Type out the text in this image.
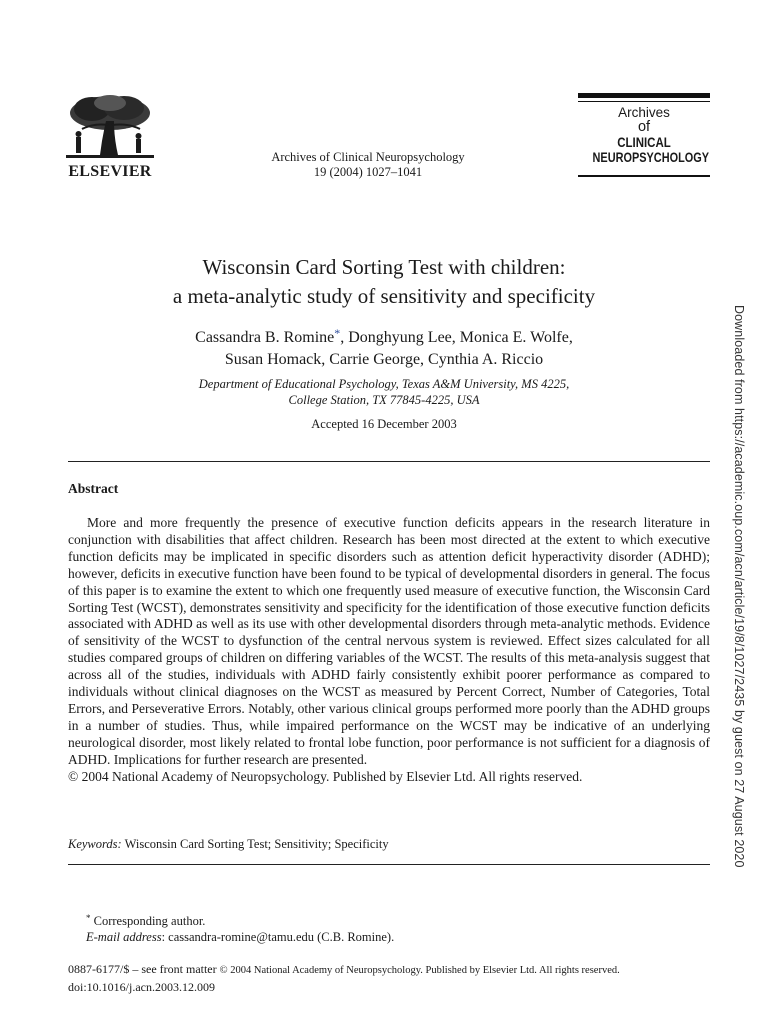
ELSEVIER
Archives of Clinical Neuropsychology
19 (2004) 1027–1041
Archives
of
CLINICAL
NEUROPSYCHOLOGY
Wisconsin Card Sorting Test with children:
a meta-analytic study of sensitivity and specificity
Cassandra B. Romine*, Donghyung Lee, Monica E. Wolfe,
Susan Homack, Carrie George, Cynthia A. Riccio
Department of Educational Psychology, Texas A&M University, MS 4225,
College Station, TX 77845-4225, USA
Accepted 16 December 2003
Abstract

More and more frequently the presence of executive function deficits appears in the research literature in conjunction with disabilities that affect children. Research has been most directed at the extent to which executive function deficits may be implicated in specific disorders such as attention deficit hyperactivity disorder (ADHD); however, deficits in executive function have been found to be typical of developmental disorders in general. The focus of this paper is to examine the extent to which one frequently used measure of executive function, the Wisconsin Card Sorting Test (WCST), demonstrates sensitivity and specificity for the identification of those executive function deficits associated with ADHD as well as its use with other developmental disorders through meta-analytic methods. Evidence of sensitivity of the WCST to dysfunction of the central nervous system is reviewed. Effect sizes calculated for all studies compared groups of children on differing variables of the WCST. The results of this meta-analysis suggest that across all of the studies, individuals with ADHD fairly consistently exhibit poorer performance as compared to individuals without clinical diagnoses on the WCST as measured by Percent Correct, Number of Categories, Total Errors, and Perseverative Errors. Notably, other various clinical groups performed more poorly than the ADHD groups in a number of studies. Thus, while impaired performance on the WCST may be indicative of an underlying neurological disorder, most likely related to frontal lobe function, poor performance is not sufficient for a diagnosis of ADHD. Implications for further research are presented.

© 2004 National Academy of Neuropsychology. Published by Elsevier Ltd. All rights reserved.
Keywords: Wisconsin Card Sorting Test; Sensitivity; Specificity
* Corresponding author.
E-mail address: cassandra-romine@tamu.edu (C.B. Romine).
0887-6177/$ – see front matter © 2004 National Academy of Neuropsychology. Published by Elsevier Ltd. All rights reserved.
doi:10.1016/j.acn.2003.12.009
Downloaded from https://academic.oup.com/acn/article/19/8/1027/2435 by guest on 27 August 2020
